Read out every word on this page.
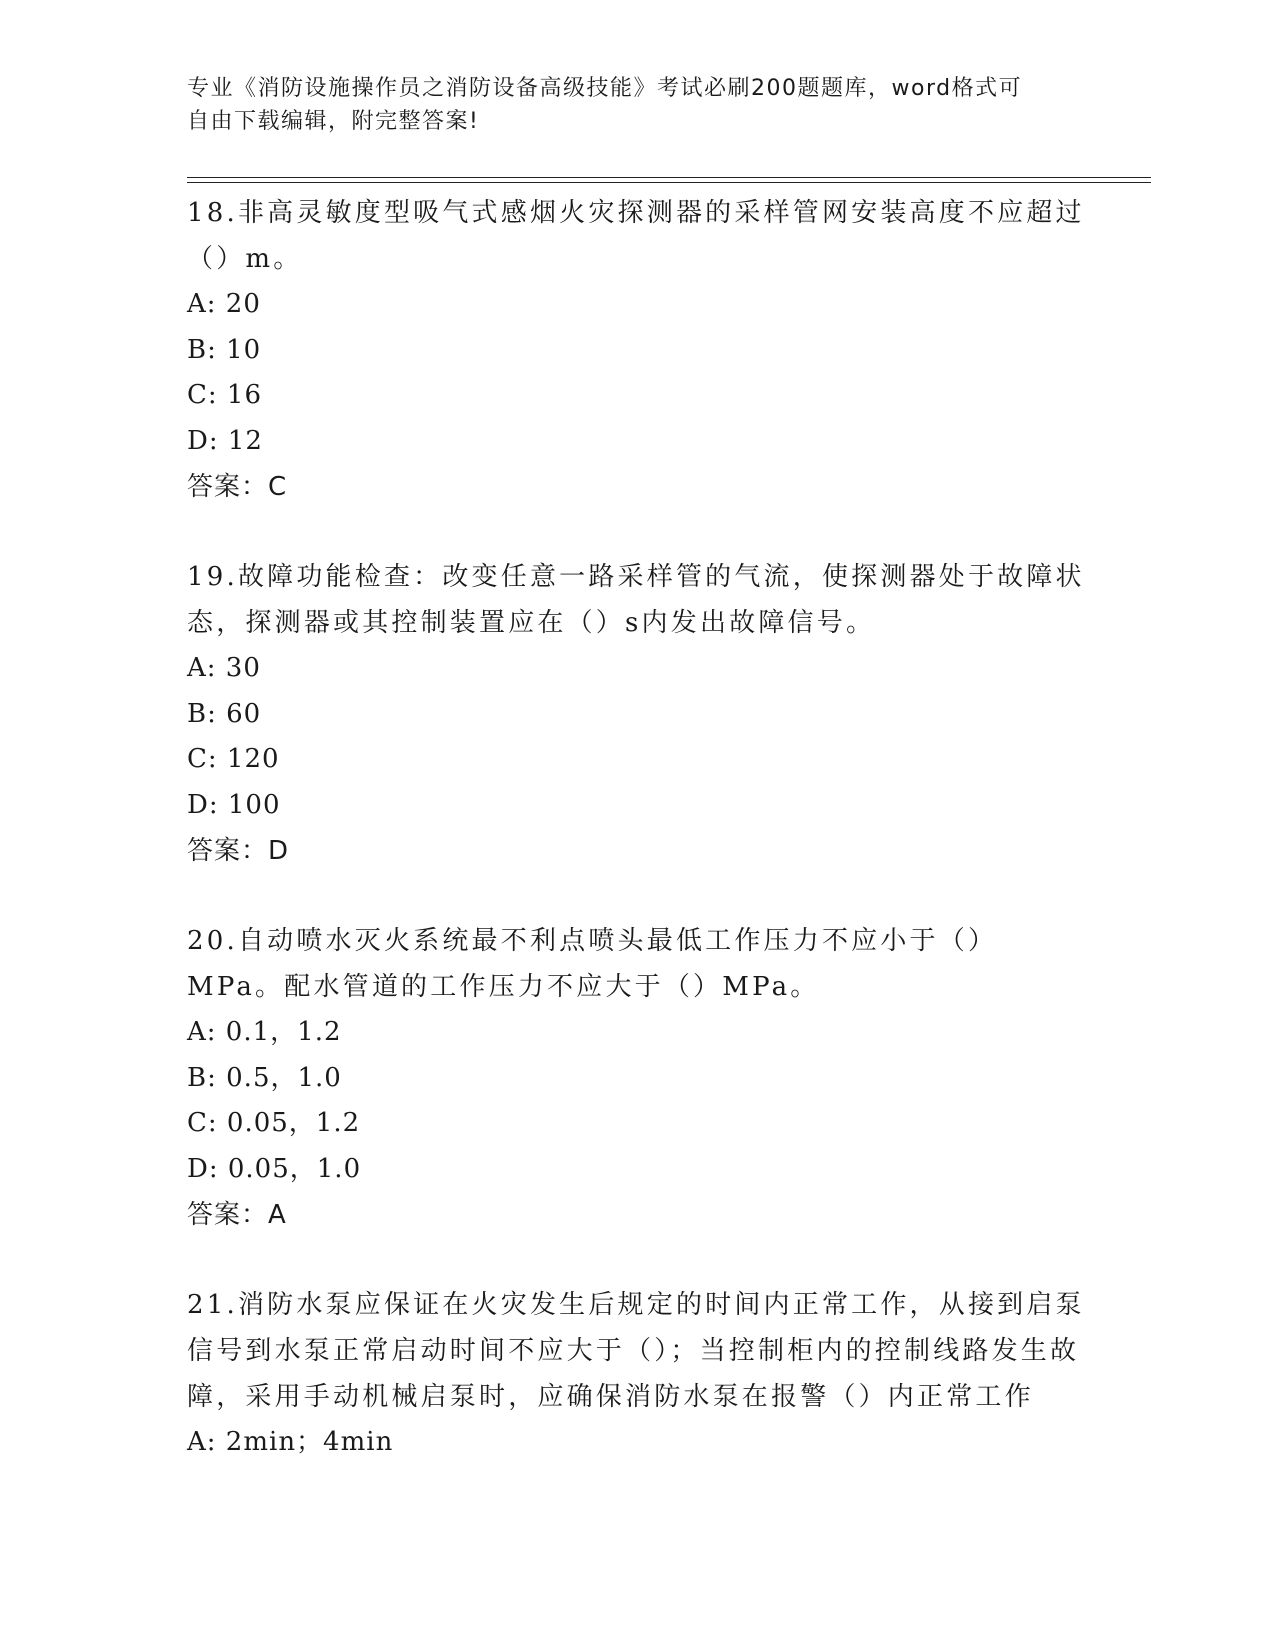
专业《消防设施操作员之消防设备高级技能》考试必刷200题题库，word格式可
自由下载编辑，附完整答案!

18.非高灵敏度型吸气式感烟火灾探测器的采样管网安装高度不应超过（）m。

A: 20

B: 10

C: 16

D: 12

答案：C

19.故障功能检查：改变任意一路采样管的气流，使探测器处于故障状态，探测器或其控制装置应在（）s内发出故障信号。

A: 30

B: 60

C: 120

D: 100

答案：D

20.自动喷水灭火系统最不利点喷头最低工作压力不应小于（）MPa。配水管道的工作压力不应大于（）MPa。

A: 0.1，1.2

B: 0.5，1.0

C: 0.05，1.2

D: 0.05，1.0

答案：A

21.消防水泵应保证在火灾发生后规定的时间内正常工作，从接到启泵信号到水泵正常启动时间不应大于（）；当控制柜内的控制线路发生故障，采用手动机械启泵时，应确保消防水泵在报警（）内正常工作

A: 2min；4min
